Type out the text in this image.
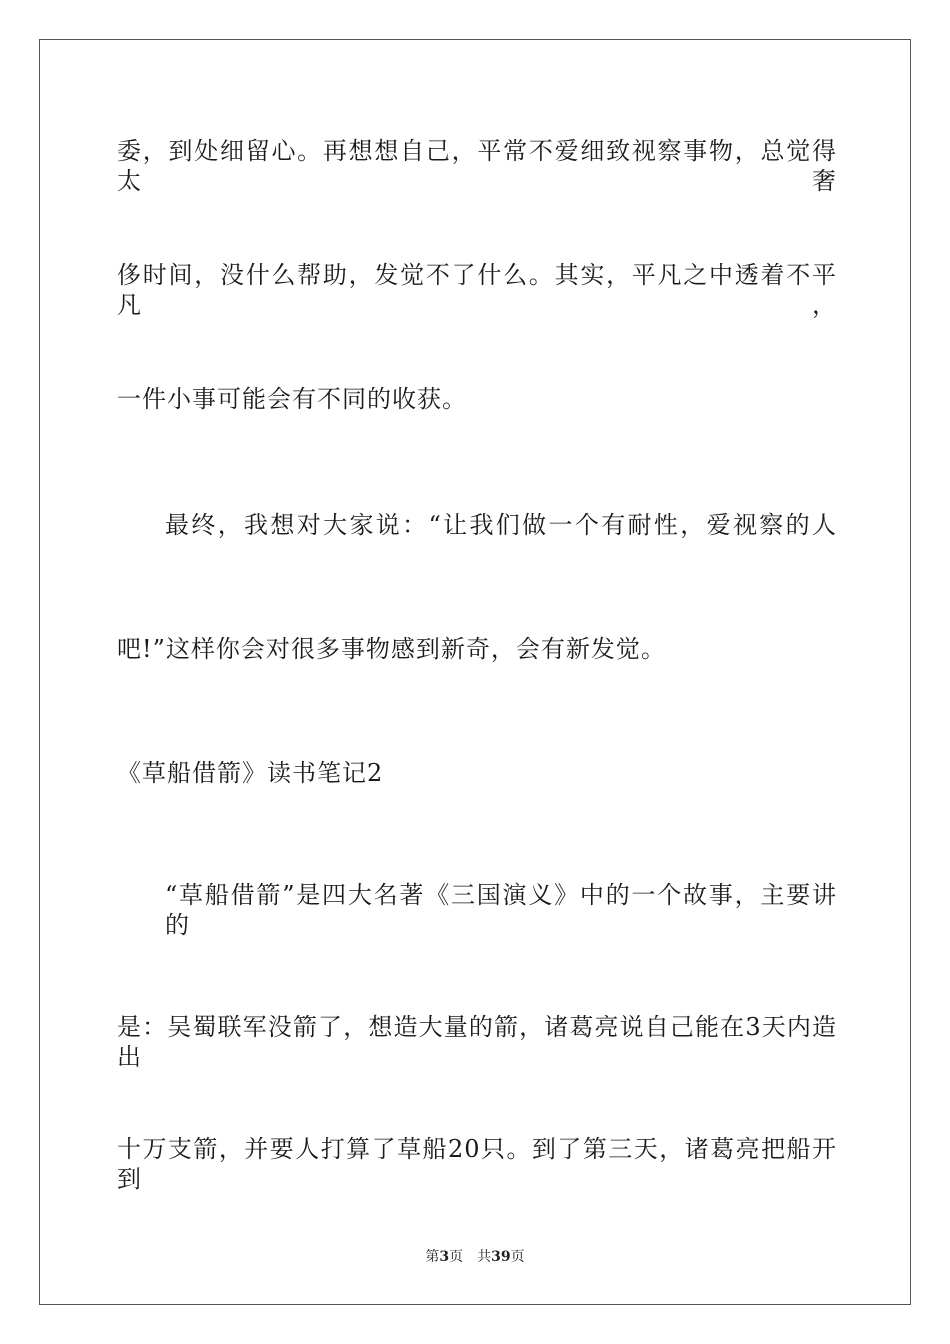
委，到处细留心。再想想自己，平常不爱细致视察事物，总觉得太奢
侈时间，没什么帮助，发觉不了什么。其实，平凡之中透着不平凡，
一件小事可能会有不同的收获。
最终，我想对大家说：“让我们做一个有耐性，爱视察的人
吧!”这样你会对很多事物感到新奇，会有新发觉。
《草船借箭》读书笔记2
“草船借箭”是四大名著《三国演义》中的一个故事，主要讲的
是：吴蜀联军没箭了，想造大量的箭，诸葛亮说自己能在3天内造出
十万支箭，并要人打算了草船20只。到了第三天，诸葛亮把船开到
第3页 共39页
